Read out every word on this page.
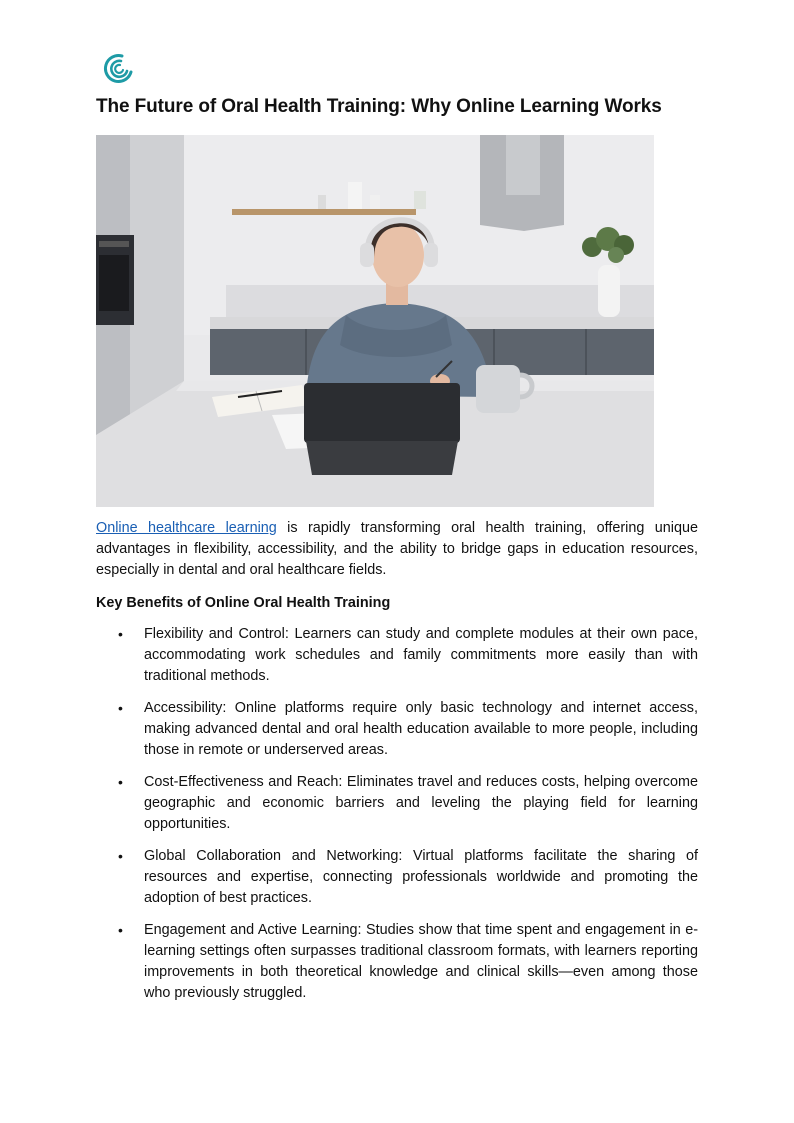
The Future of Oral Health Training: Why Online Learning Works

Online healthcare learning is rapidly transforming oral health training, offering unique advantages in flexibility, accessibility, and the ability to bridge gaps in education resources, especially in dental and oral healthcare fields.

Key Benefits of Online Oral Health Training

• Flexibility and Control: Learners can study and complete modules at their own pace, accommodating work schedules and family commitments more easily than with traditional methods.
• Accessibility: Online platforms require only basic technology and internet access, making advanced dental and oral health education available to more people, including those in remote or underserved areas.
• Cost-Effectiveness and Reach: Eliminates travel and reduces costs, helping overcome geographic and economic barriers and leveling the playing field for learning opportunities.
• Global Collaboration and Networking: Virtual platforms facilitate the sharing of resources and expertise, connecting professionals worldwide and promoting the adoption of best practices.
• Engagement and Active Learning: Studies show that time spent and engagement in e-learning settings often surpasses traditional classroom formats, with learners reporting improvements in both theoretical knowledge and clinical skills—even among those who previously struggled.
